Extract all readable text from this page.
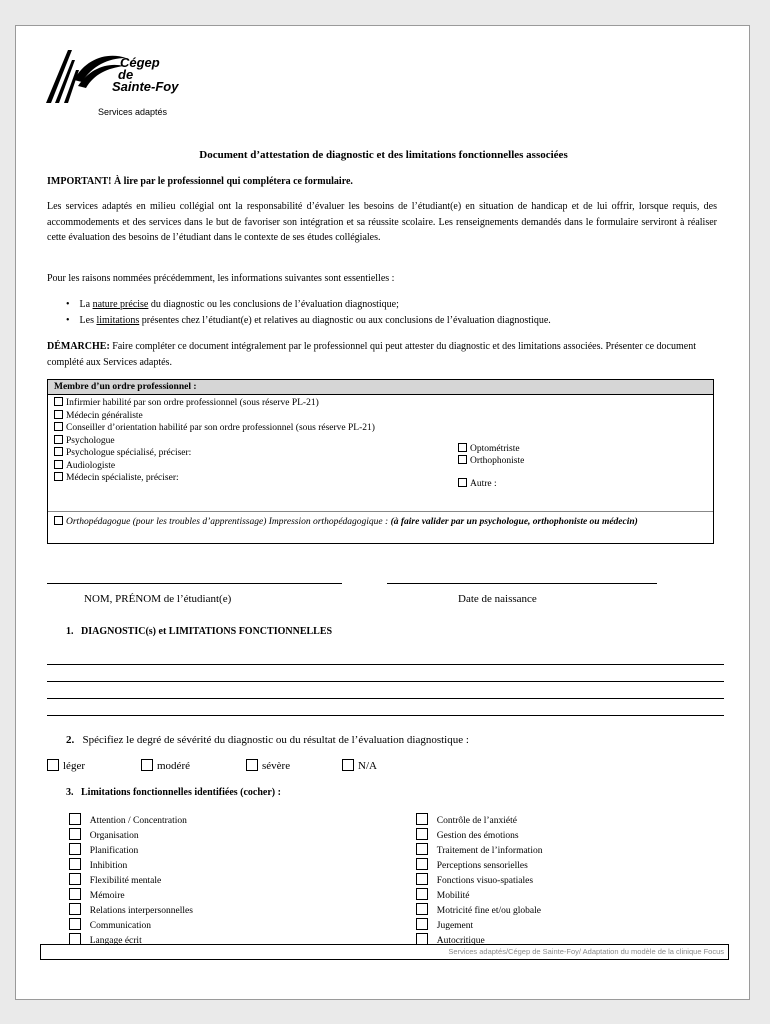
Cégep
de
Sainte-Foy
Services adaptés
Document d’attestation de diagnostic et des limitations fonctionnelles associées
IMPORTANT! À lire par le professionnel qui complétera ce formulaire.
Les services adaptés en milieu collégial ont la responsabilité d’évaluer les besoins de l’étudiant(e) en situation de handicap et de lui offrir, lorsque requis, des accommodements et des services dans le but de favoriser son intégration et sa réussite scolaire. Les renseignements demandés dans le formulaire serviront à réaliser cette évaluation des besoins de l’étudiant dans le contexte de ses études collégiales.
Pour les raisons nommées précédemment, les informations suivantes sont essentielles :
• La nature précise du diagnostic ou les conclusions de l’évaluation diagnostique;
• Les limitations présentes chez l’étudiant(e) et relatives au diagnostic ou aux conclusions de l’évaluation diagnostique.
DÉMARCHE: Faire compléter ce document intégralement par le professionnel qui peut attester du diagnostic et des limitations associées. Présenter ce document complété aux Services adaptés.
Membre d’un ordre professionnel :
Infirmier habilité par son ordre professionnel (sous réserve PL-21)
Médecin généraliste
Conseiller d’orientation habilité par son ordre professionnel (sous réserve PL-21)
Psychologue
Psychologue spécialisé, préciser:
Audiologiste
Médecin spécialiste, préciser:
Optométriste
Orthophoniste
Autre :
Orthopédagogue (pour les troubles d’apprentissage) Impression orthopédagogique : (à faire valider par un psychologue, orthophoniste ou médecin)
NOM, PRÉNOM de l’étudiant(e)	Date de naissance
1. DIAGNOSTIC(s) et LIMITATIONS FONCTIONNELLES
2. Spécifiez le degré de sévérité du diagnostic ou du résultat de l’évaluation diagnostique :
léger	modéré	sévère	N/A
3. Limitations fonctionnelles identifiées (cocher) :
Attention / Concentration
Organisation
Planification
Inhibition
Flexibilité mentale
Mémoire
Relations interpersonnelles
Communication
Langage écrit
Contrôle de l’anxiété
Gestion des émotions
Traitement de l’information
Perceptions sensorielles
Fonctions visuo-spatiales
Mobilité
Motricité fine et/ou globale
Jugement
Autocritique
Services adaptés/Cégep de Sainte-Foy/ Adaptation du modèle de la clinique Focus
